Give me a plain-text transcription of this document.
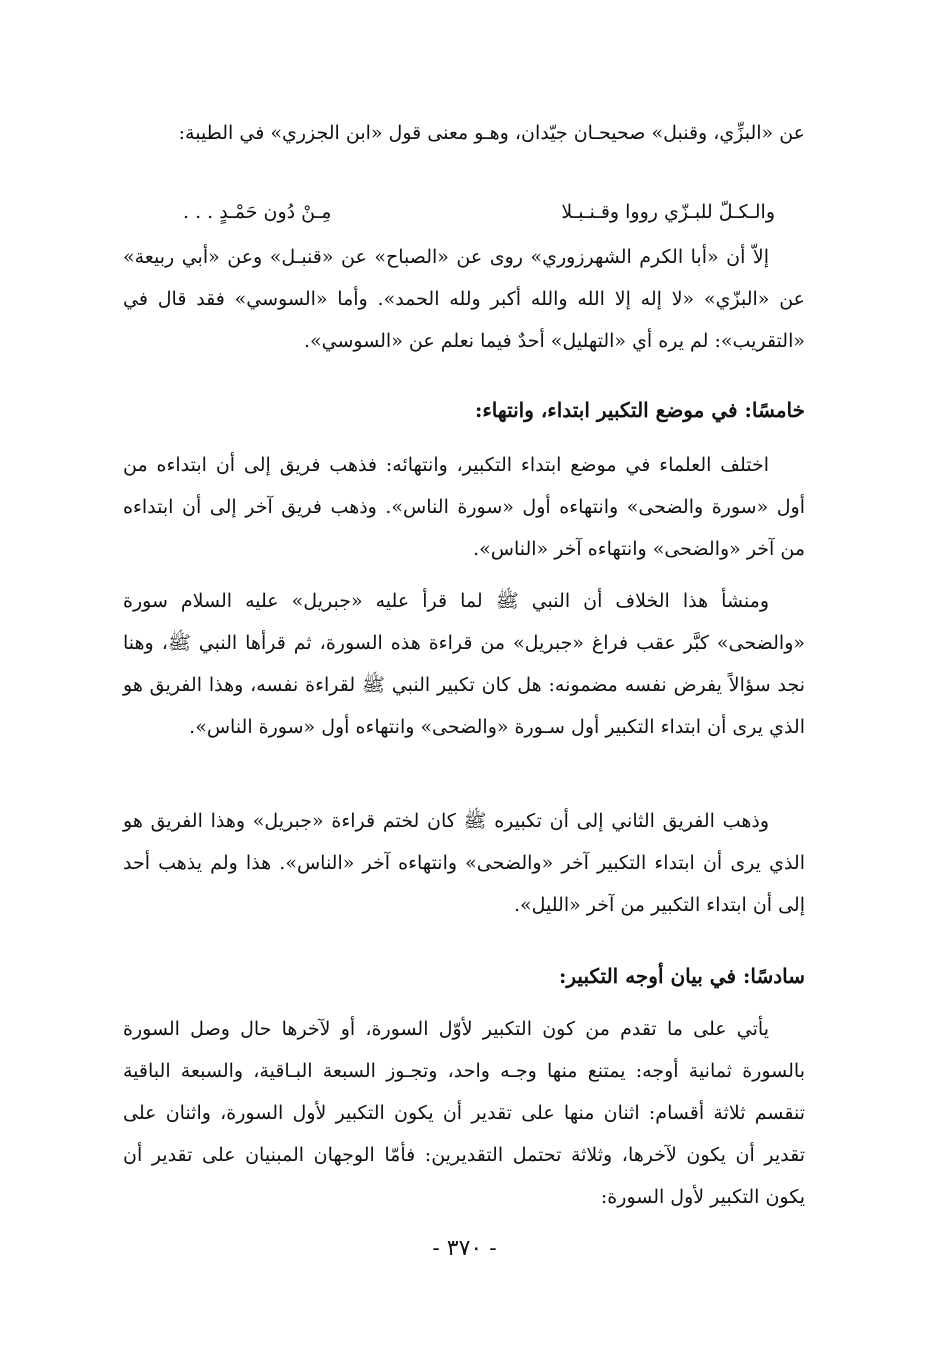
عن «البزِّي، وقنبل» صحيحـان جيّدان، وهـو معنى قول «ابن الجزري» في الطيبة:

والـكـلّ للبـزّي رووا وقـنـبـلا
مِـنْ دُون حَمْـدٍ . . .

إلاّ أن «أبا الكرم الشهرزوري» روى عن «الصباح» عن «قنبـل» وعن «أبي ربيعة» عن «البزّي» «لا إله إلا الله والله أكبر ولله الحمد». وأما «السوسي» فقد قال في «التقريب»: لم يره أي «التهليل» أحدٌ فيما نعلم عن «السوسي».

خامسًا: في موضع التكبير ابتداء، وانتهاء:

اختلف العلماء في موضع ابتداء التكبير، وانتهائه: فذهب فريق إلى أن ابتداءه من أول «سورة والضحى» وانتهاءه أول «سورة الناس». وذهب فريق آخر إلى أن ابتداءه من آخر «والضحى» وانتهاءه آخر «الناس».

ومنشأ هذا الخلاف أن النبي ﷺ لما قرأ عليه «جبريل» عليه السلام سورة «والضحى» كبَّر عقب فراغ «جبريل» من قراءة هذه السورة، ثم قرأها النبي ﷺ، وهنا نجد سؤالاً يفرض نفسه مضمونه: هل كان تكبير النبي ﷺ لقراءة نفسه، وهذا الفريق هو الذي يرى أن ابتداء التكبير أول سـورة «والضحى» وانتهاءه أول «سورة الناس».

وذهب الفريق الثاني إلى أن تكبيره ﷺ كان لختم قراءة «جبريل» وهذا الفريق هو الذي يرى أن ابتداء التكبير آخر «والضحى» وانتهاءه آخر «الناس». هذا ولم يذهب أحد إلى أن ابتداء التكبير من آخر «الليل».

سادسًا: في بيان أوجه التكبير:

يأتي على ما تقدم من كون التكبير لأوّل السورة، أو لآخرها حال وصل السورة بالسورة ثمانية أوجه: يمتنع منها وجـه واحد، وتجـوز السبعة البـاقية، والسبعة الباقية تنقسم ثلاثة أقسام: اثنان منها على تقدير أن يكون التكبير لأول السورة، واثنان على تقدير أن يكون لآخرها، وثلاثة تحتمل التقديرين: فأمّا الوجهان المبنيان على تقدير أن يكون التكبير لأول السورة:

- ٣٧٠ -
